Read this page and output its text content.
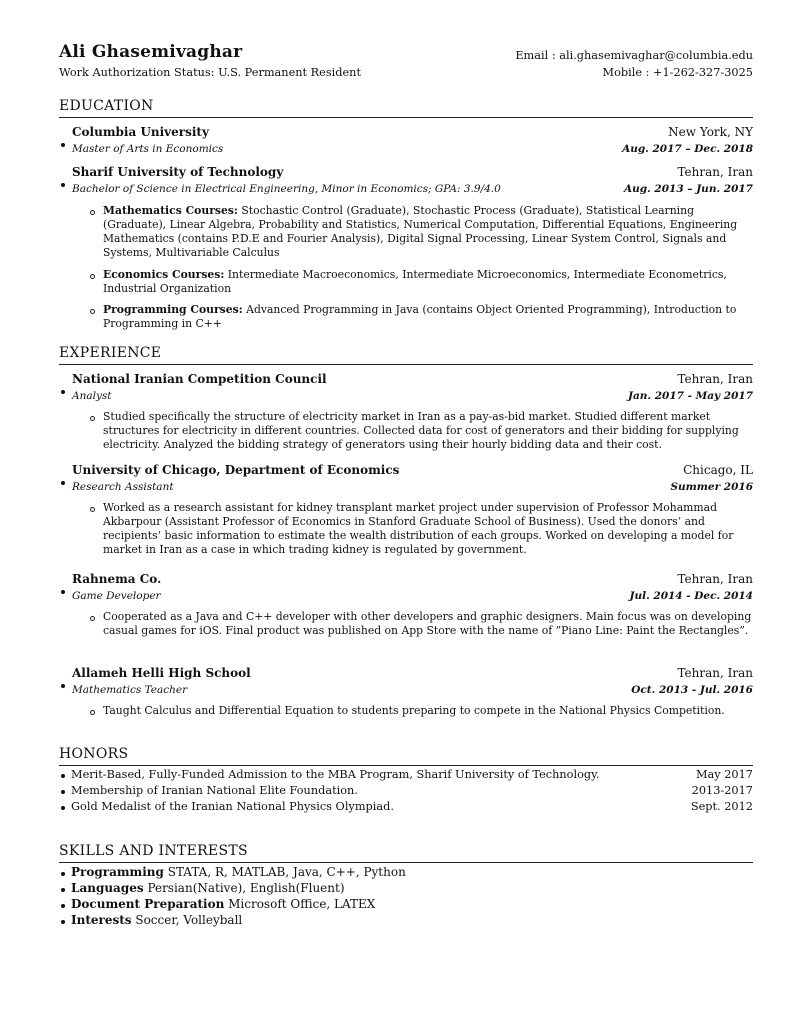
Ali Ghasemivaghar
Work Authorization Status: U.S. Permanent Resident
Email : ali.ghasemivaghar@columbia.edu
Mobile : +1-262-327-3025
EDUCATION
Columbia University	New York, NY
Master of Arts in Economics	Aug. 2017 – Dec. 2018
Sharif University of Technology	Tehran, Iran
Bachelor of Science in Electrical Engineering, Minor in Economics; GPA: 3.9/4.0	Aug. 2013 – Jun. 2017
Mathematics Courses: Stochastic Control (Graduate), Stochastic Process (Graduate), Statistical Learning (Graduate), Linear Algebra, Probability and Statistics, Numerical Computation, Differential Equations, Engineering Mathematics (contains P.D.E and Fourier Analysis), Digital Signal Processing, Linear System Control, Signals and Systems, Multivariable Calculus
Economics Courses: Intermediate Macroeconomics, Intermediate Microeconomics, Intermediate Econometrics, Industrial Organization
Programming Courses: Advanced Programming in Java (contains Object Oriented Programming), Introduction to Programming in C++
EXPERIENCE
National Iranian Competition Council	Tehran, Iran
Analyst	Jan. 2017 - May 2017
Studied specifically the structure of electricity market in Iran as a pay-as-bid market. Studied different market structures for electricity in different countries. Collected data for cost of generators and their bidding for supplying electricity. Analyzed the bidding strategy of generators using their hourly bidding data and their cost.
University of Chicago, Department of Economics	Chicago, IL
Research Assistant	Summer 2016
Worked as a research assistant for kidney transplant market project under supervision of Professor Mohammad Akbarpour (Assistant Professor of Economics in Stanford Graduate School of Business). Used the donors’ and recipients’ basic information to estimate the wealth distribution of each groups. Worked on developing a model for market in Iran as a case in which trading kidney is regulated by government.
Rahnema Co.	Tehran, Iran
Game Developer	Jul. 2014 - Dec. 2014
Cooperated as a Java and C++ developer with other developers and graphic designers. Main focus was on developing casual games for iOS. Final product was published on App Store with the name of ”Piano Line: Paint the Rectangles”.
Allameh Helli High School	Tehran, Iran
Mathematics Teacher	Oct. 2013 - Jul. 2016
Taught Calculus and Differential Equation to students preparing to compete in the National Physics Competition.
HONORS
Merit-Based, Fully-Funded Admission to the MBA Program, Sharif University of Technology.	May 2017
Membership of Iranian National Elite Foundation.	2013-2017
Gold Medalist of the Iranian National Physics Olympiad.	Sept. 2012
SKILLS AND INTERESTS
Programming STATA, R, MATLAB, Java, C++, Python
Languages Persian(Native), English(Fluent)
Document Preparation Microsoft Office, LATEX
Interests Soccer, Volleyball
